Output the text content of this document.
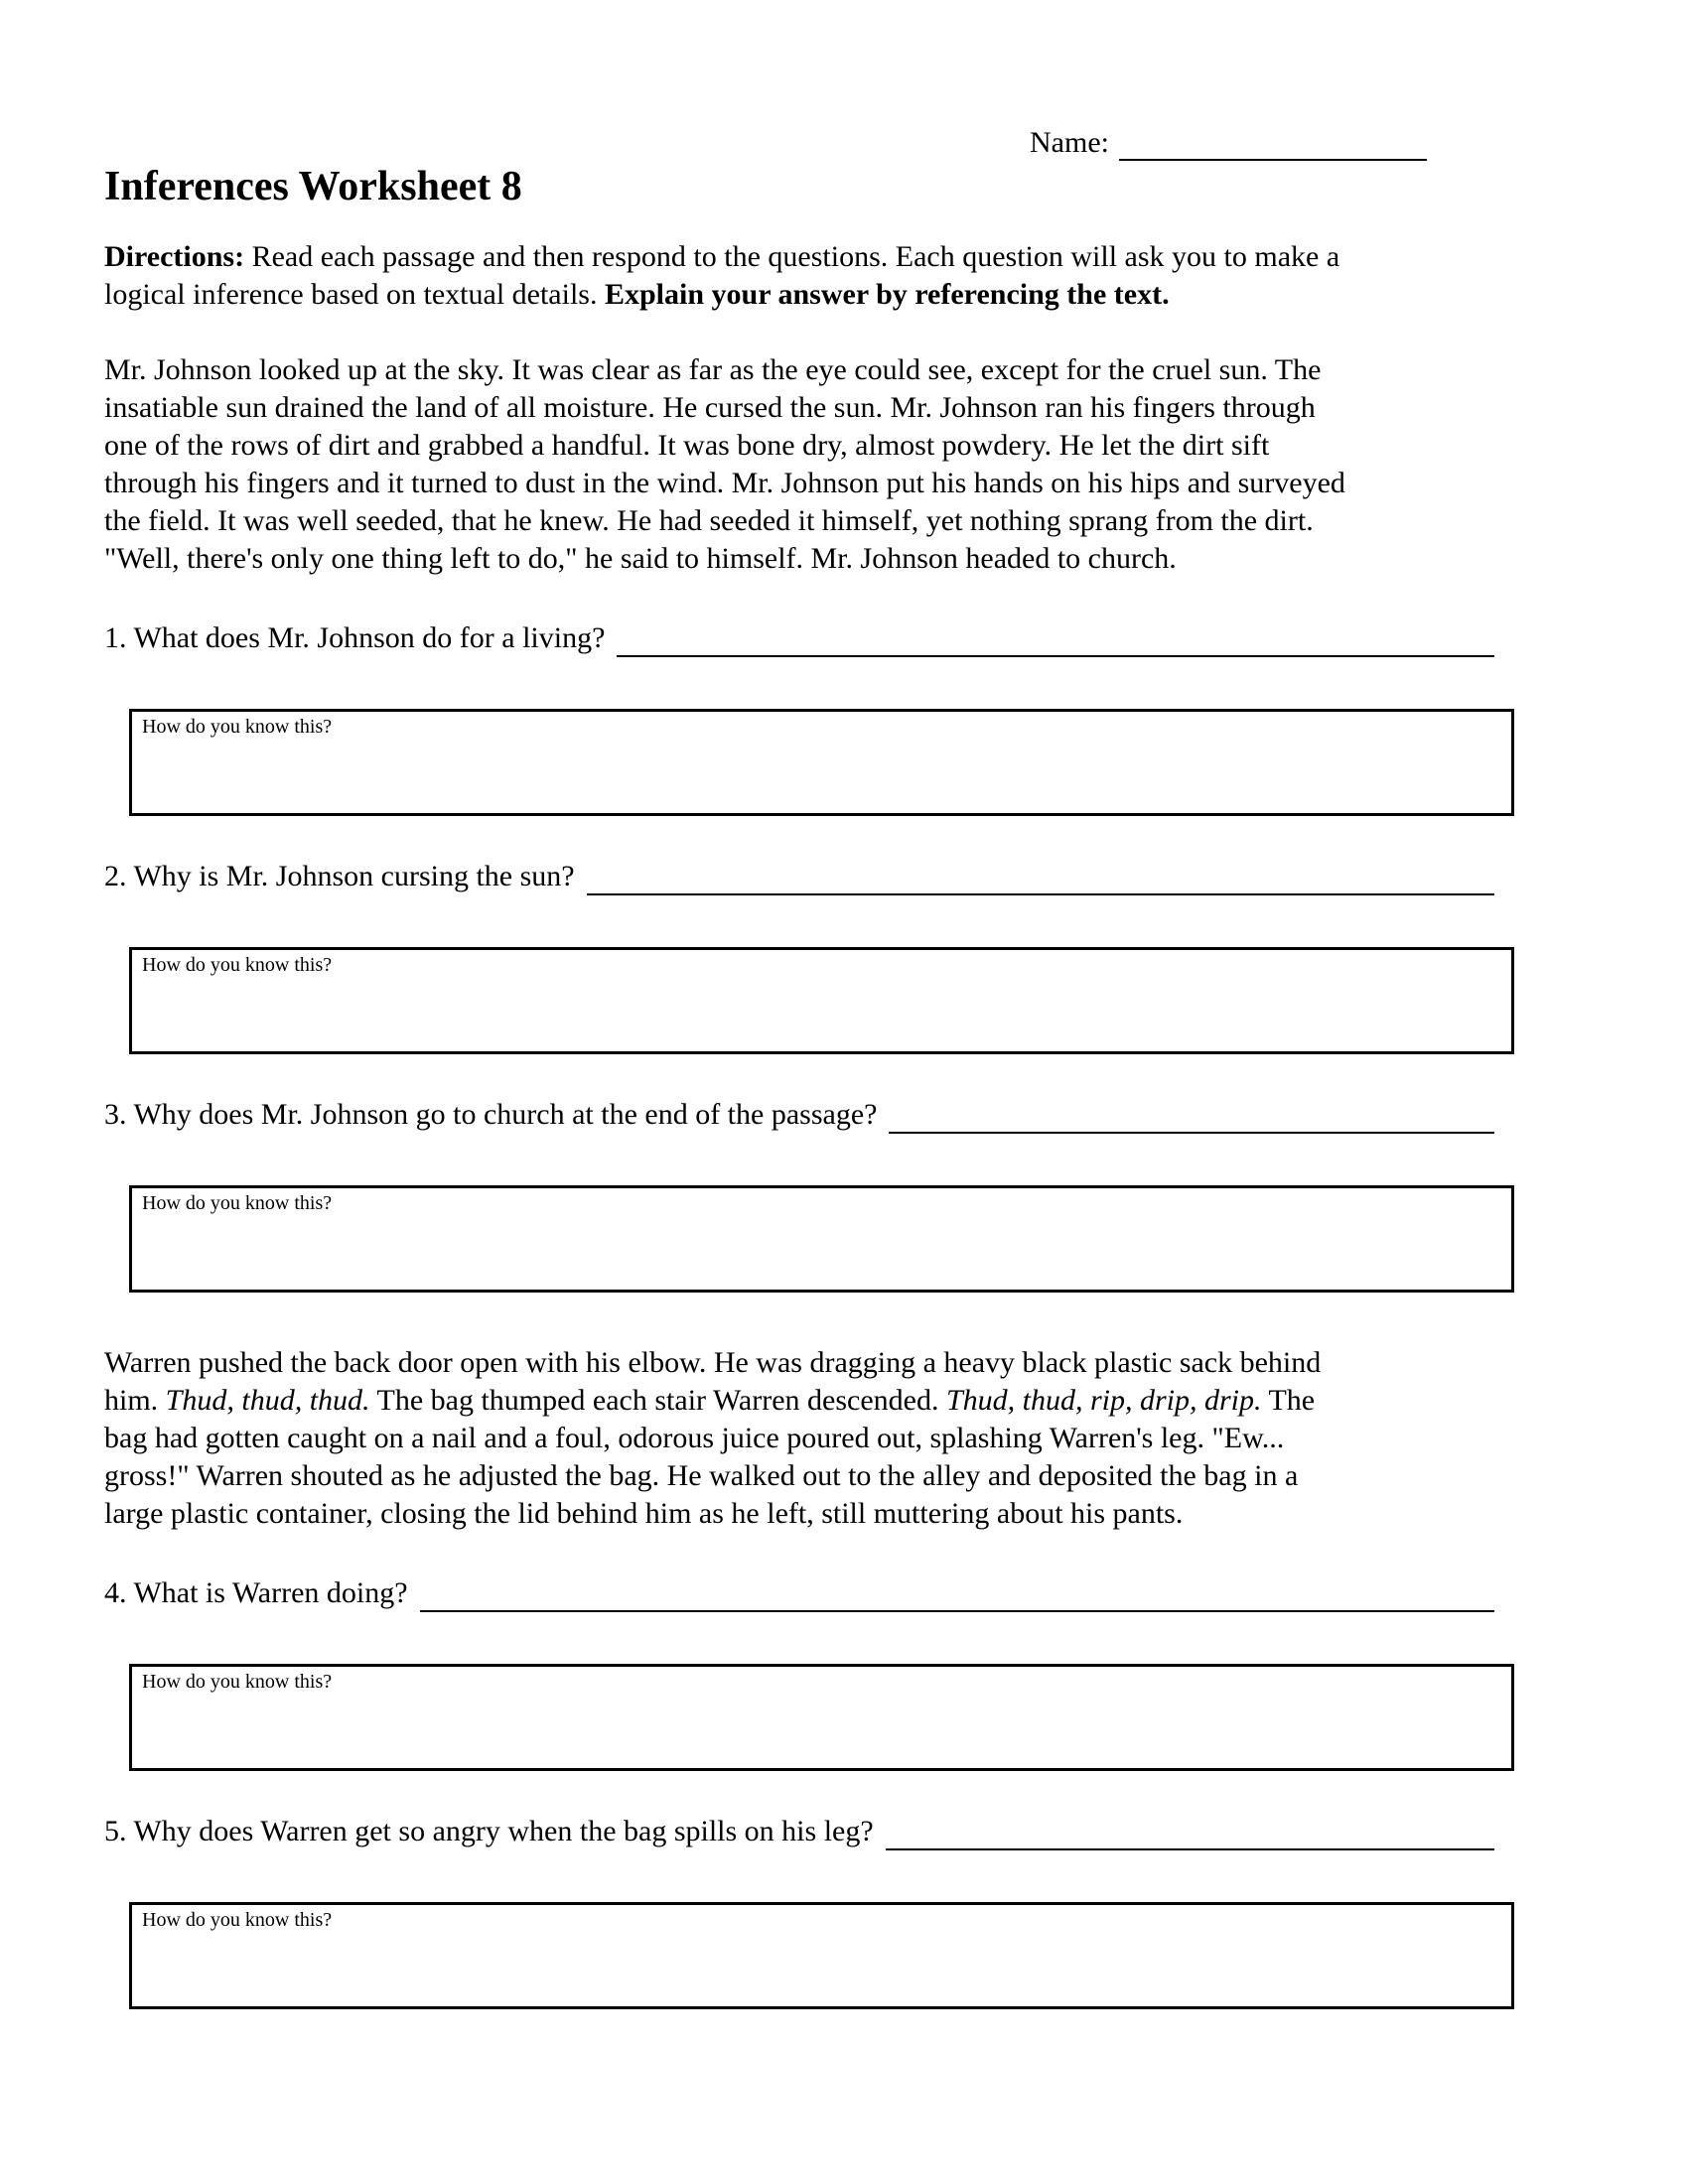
Name:
Inferences Worksheet 8
Directions: Read each passage and then respond to the questions. Each question will ask you to make a
logical inference based on textual details. Explain your answer by referencing the text.
Mr. Johnson looked up at the sky. It was clear as far as the eye could see, except for the cruel sun. The
insatiable sun drained the land of all moisture. He cursed the sun. Mr. Johnson ran his fingers through
one of the rows of dirt and grabbed a handful. It was bone dry, almost powdery. He let the dirt sift
through his fingers and it turned to dust in the wind. Mr. Johnson put his hands on his hips and surveyed
the field. It was well seeded, that he knew. He had seeded it himself, yet nothing sprang from the dirt.
"Well, there's only one thing left to do," he said to himself. Mr. Johnson headed to church.
1. What does Mr. Johnson do for a living?
How do you know this?
2. Why is Mr. Johnson cursing the sun?
How do you know this?
3. Why does Mr. Johnson go to church at the end of the passage?
How do you know this?
Warren pushed the back door open with his elbow. He was dragging a heavy black plastic sack behind
him. Thud, thud, thud. The bag thumped each stair Warren descended. Thud, thud, rip, drip, drip. The
bag had gotten caught on a nail and a foul, odorous juice poured out, splashing Warren's leg. "Ew...
gross!" Warren shouted as he adjusted the bag. He walked out to the alley and deposited the bag in a
large plastic container, closing the lid behind him as he left, still muttering about his pants.
4. What is Warren doing?
How do you know this?
5. Why does Warren get so angry when the bag spills on his leg?
How do you know this?
